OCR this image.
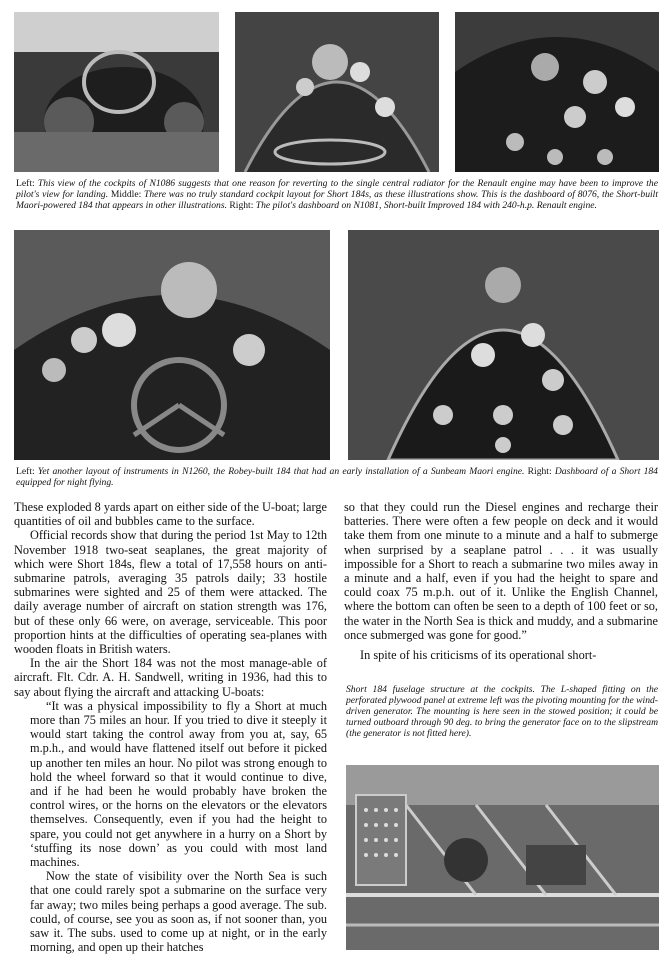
Left: This view of the cockpits of N1086 suggests that one reason for reverting to the single central radiator for the Renault engine may have been to improve the pilot's view for landing. Middle: There was no truly standard cockpit layout for Short 184s, as these illustrations show. This is the dashboard of 8076, the Short-built Maori-powered 184 that appears in other illustrations. Right: The pilot's dashboard on N1081, Short-built Improved 184 with 240-h.p. Renault engine.
Left: Yet another layout of instruments in N1260, the Robey-built 184 that had an early installation of a Sunbeam Maori engine. Right: Dashboard of a Short 184 equipped for night flying.

These exploded 8 yards apart on either side of the U-boat; large quantities of oil and bubbles came to the surface.

Official records show that during the period 1st May to 12th November 1918 two-seat seaplanes, the great majority of which were Short 184s, flew a total of 17,558 hours on anti-submarine patrols, averaging 35 patrols daily; 33 hostile submarines were sighted and 25 of them were attacked. The daily average number of aircraft on station strength was 176, but of these only 66 were, on average, serviceable. This poor proportion hints at the difficulties of operating sea-planes with wooden floats in British waters.

In the air the Short 184 was not the most manage-able of aircraft. Flt. Cdr. A. H. Sandwell, writing in 1936, had this to say about flying the aircraft and attacking U-boats:

“It was a physical impossibility to fly a Short at much more than 75 miles an hour. If you tried to dive it steeply it would start taking the control away from you at, say, 65 m.p.h., and would have flattened itself out before it picked up another ten miles an hour. No pilot was strong enough to hold the wheel forward so that it would continue to dive, and if he had been he would probably have broken the control wires, or the horns on the elevators or the elevators themselves. Consequently, even if you had the height to spare, you could not get anywhere in a hurry on a Short by ‘stuffing its nose down’ as you could with most land machines.

Now the state of visibility over the North Sea is such that one could rarely spot a submarine on the surface very far away; two miles being perhaps a good average. The sub. could, of course, see you as soon as, if not sooner than, you saw it. The subs. used to come up at night, or in the early morning, and open up their hatches

so that they could run the Diesel engines and recharge their batteries. There were often a few people on deck and it would take them from one minute to a minute and a half to submerge when surprised by a seaplane patrol . . . it was usually impossible for a Short to reach a submarine two miles away in a minute and a half, even if you had the height to spare and could coax 75 m.p.h. out of it. Unlike the English Channel, where the bottom can often be seen to a depth of 100 feet or so, the water in the North Sea is thick and muddy, and a submarine once submerged was gone for good.”

In spite of his criticisms of its operational short-

Short 184 fuselage structure at the cockpits. The L-shaped fitting on the perforated plywood panel at extreme left was the pivoting mounting for the wind-driven generator. The mounting is here seen in the stowed position; it could be turned outboard through 90 deg. to bring the generator face on to the slipstream (the generator is not fitted here).
